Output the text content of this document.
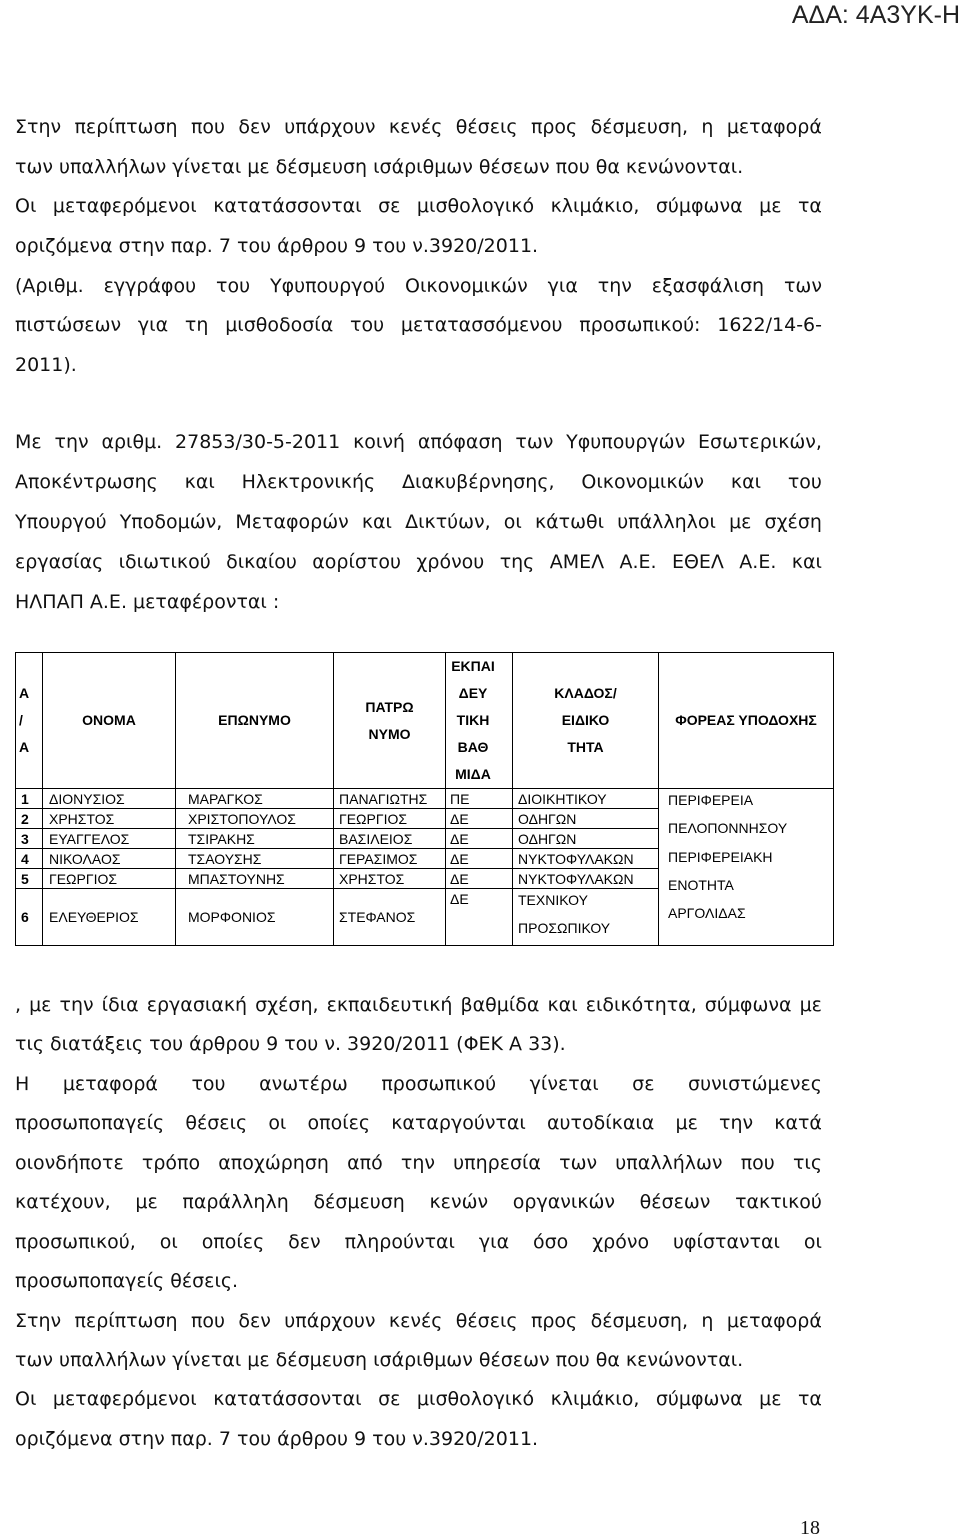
ΑΔΑ: 4Α3ΥΚ-Η
Στην περίπτωση που δεν υπάρχουν κενές θέσεις προς δέσμευση, η μεταφορά
των υπαλλήλων γίνεται με δέσμευση ισάριθμων θέσεων που θα κενώνονται.
Οι μεταφερόμενοι κατατάσσονται σε μισθολογικό κλιμάκιο, σύμφωνα με τα
οριζόμενα στην παρ. 7 του άρθρου 9 του ν.3920/2011.
(Αριθμ. εγγράφου του Υφυπουργού Οικονομικών για την εξασφάλιση των
πιστώσεων για τη μισθοδοσία του μετατασσόμενου προσωπικού: 1622/14-6-
2011).
Με την αριθμ. 27853/30-5-2011 κοινή απόφαση των Υφυπουργών Εσωτερικών,
Αποκέντρωσης και Ηλεκτρονικής Διακυβέρνησης, Οικονομικών και του
Υπουργού Υποδομών, Μεταφορών και Δικτύων, οι κάτωθι υπάλληλοι με σχέση
εργασίας ιδιωτικού δικαίου αορίστου χρόνου της ΑΜΕΛ Α.Ε. ΕΘΕΛ Α.Ε. και
ΗΛΠΑΠ Α.Ε. μεταφέρονται :
Α
/
Α	ΟΝΟΜΑ	ΕΠΩΝΥΜΟ	ΠΑΤΡΩ
ΝΥΜΟ	ΕΚΠΑΙ
ΔΕΥ
ΤΙΚΗ
ΒΑΘ
ΜΙΔΑ	ΚΛΑΔΟΣ/
ΕΙΔΙΚΟ
ΤΗΤΑ	ΦΟΡΕΑΣ ΥΠΟΔΟΧΗΣ
1	ΔΙΟΝΥΣΙΟΣ	ΜΑΡΑΓΚΟΣ	ΠΑΝΑΓΙΩΤΗΣ	ΠΕ	ΔΙΟΙΚΗΤΙΚΟΥ	ΠΕΡΙΦΕΡΕΙΑ
ΠΕΛΟΠΟΝΝΗΣΟΥ
ΠΕΡΙΦΕΡΕΙΑΚΗ
ΕΝΟΤΗΤΑ
ΑΡΓΟΛΙΔΑΣ

2	ΧΡΗΣΤΟΣ	ΧΡΙΣΤΟΠΟΥΛΟΣ	ΓΕΩΡΓΙΟΣ	ΔΕ	ΟΔΗΓΩΝ	
3	ΕΥΑΓΓΕΛΟΣ	ΤΣΙΡΑΚΗΣ	ΒΑΣΙΛΕΙΟΣ	ΔΕ	ΟΔΗΓΩΝ	
4	ΝΙΚΟΛΑΟΣ	ΤΣΑΟΥΣΗΣ	ΓΕΡΑΣΙΜΟΣ	ΔΕ	ΝΥΚΤΟΦΥΛΑΚΩΝ	
5	ΓΕΩΡΓΙΟΣ	ΜΠΑΣΤΟΥΝΗΣ	ΧΡΗΣΤΟΣ	ΔΕ	ΝΥΚΤΟΦΥΛΑΚΩΝ	
6	ΕΛΕΥΘΕΡΙΟΣ	ΜΟΡΦΟΝΙΟΣ	ΣΤΕΦΑΝΟΣ	ΔΕ	ΤΕΧΝΙΚΟΥ
ΠΡΟΣΩΠΙΚΟΥ	
, με την ίδια εργασιακή σχέση, εκπαιδευτική βαθμίδα και ειδικότητα, σύμφωνα με
τις διατάξεις του άρθρου 9 του ν. 3920/2011 (ΦΕΚ Α 33).
Η μεταφορά του ανωτέρω προσωπικού γίνεται σε συνιστώμενες
προσωποπαγείς θέσεις οι οποίες καταργούνται αυτοδίκαια με την κατά
οιονδήποτε τρόπο αποχώρηση από την υπηρεσία των υπαλλήλων που τις
κατέχουν, με παράλληλη δέσμευση κενών οργανικών θέσεων τακτικού
προσωπικού, οι οποίες δεν πληρούνται για όσο χρόνο υφίστανται οι
προσωποπαγείς θέσεις.
Στην περίπτωση που δεν υπάρχουν κενές θέσεις προς δέσμευση, η μεταφορά
των υπαλλήλων γίνεται με δέσμευση ισάριθμων θέσεων που θα κενώνονται.
Οι μεταφερόμενοι κατατάσσονται σε μισθολογικό κλιμάκιο, σύμφωνα με τα
οριζόμενα στην παρ. 7 του άρθρου 9 του ν.3920/2011.
18
